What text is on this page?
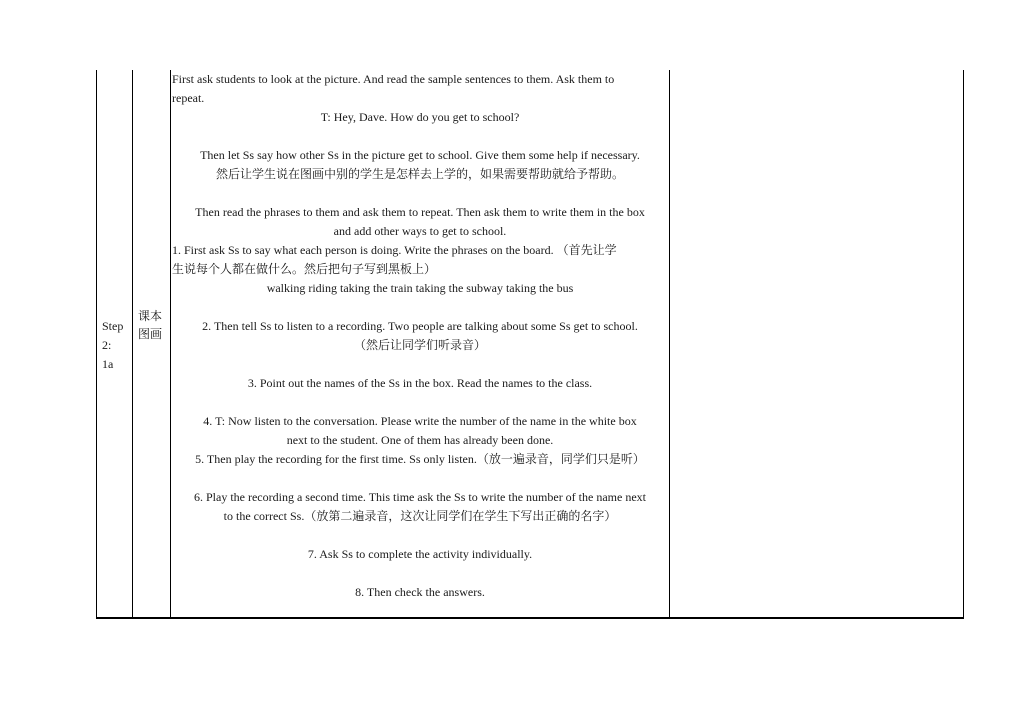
Step
2:
1a
课本
图画

First ask students to look at the picture. And read the sample sentences to them. Ask them to

repeat.

T: Hey, Dave. How do you get to school?

Then let Ss say how other Ss in the picture get to school. Give them some help if necessary.

然后让学生说在图画中别的学生是怎样去上学的，如果需要帮助就给予帮助。

Then read the phrases to them and ask them to repeat. Then ask them to write them in the box

and add other ways to get to school.

1. First ask Ss to say what each person is doing. Write the phrases on the board. （首先让学

生说每个人都在做什么。然后把句子写到黑板上）

walking riding taking the train taking the subway taking the bus

2. Then tell Ss to listen to a recording. Two people are talking about some Ss get to school.

（然后让同学们听录音）

3. Point out the names of the Ss in the box. Read the names to the class.

4. T: Now listen to the conversation. Please write the number of the name in the white box

next to the student. One of them has already been done.

5. Then play the recording for the first time. Ss only listen.（放一遍录音，同学们只是听）

6. Play the recording a second time. This time ask the Ss to write the number of the name next

to the correct Ss.（放第二遍录音，这次让同学们在学生下写出正确的名字）

7. Ask Ss to complete the activity individually.

8. Then check the answers.
